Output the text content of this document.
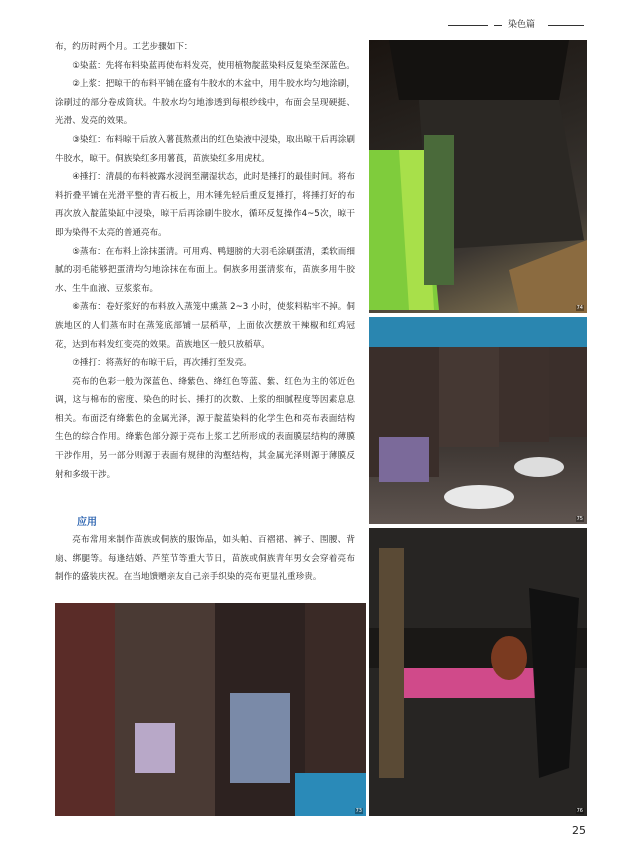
染色篇

布，约历时两个月。工艺步骤如下：

①染蓝：先将布料染蓝再使布料发亮，使用植物靛蓝染料反复染至深蓝色。

②上浆：把晾干的布料平铺在盛有牛胶水的木盆中，用牛胶水均匀地涂刷，涂刷过的部分卷成筒状。牛胶水均匀地渗透到每根纱线中，布面会呈现硬挺、光滑、发亮的效果。

③染红：布料晾干后放入薯莨熬煮出的红色染液中浸染，取出晾干后再涂刷牛胶水，晾干。侗族染红多用薯莨，苗族染红多用虎杖。

④捶打：清晨的布料被露水浸润至潮湿状态，此时是捶打的最佳时间。将布料折叠平铺在光滑平整的青石板上，用木锤先轻后重反复捶打，将捶打好的布再次放入靛蓝染缸中浸染，晾干后再涂刷牛胶水，循环反复操作4~5次，晾干即为染得不太亮的普通亮布。

⑤蒸布：在布料上涂抹蛋清。可用鸡、鸭翅膀的大羽毛涂刷蛋清，柔软而细腻的羽毛能够把蛋清均匀地涂抹在布面上。侗族多用蛋清浆布，苗族多用牛胶水、生牛血液、豆浆浆布。

⑥蒸布：卷好浆好的布料放入蒸笼中熏蒸 2~3 小时，使浆料粘牢不掉。侗族地区的人们蒸布时在蒸笼底部铺一层稻草，上面依次摆放干辣椒和红鸡冠花，达到布料发红变亮的效果。苗族地区一般只放稻草。

⑦捶打：将蒸好的布晾干后，再次捶打至发亮。

亮布的色彩一般为深蓝色、绛紫色、绛红色等蓝、紫、红色为主的邻近色调，这与棉布的密度、染色的时长、捶打的次数、上浆的细腻程度等因素息息相关。布面泛有绛紫色的金属光泽，源于靛蓝染料的化学生色和亮布表面结构生色的综合作用。绛紫色部分源于亮布上浆工艺所形成的表面膜层结构的薄膜干涉作用，另一部分则源于表面有规律的沟壑结构，其金属光泽则源于薄膜反射和多级干涉。

应用

亮布常用来制作苗族或侗族的服饰品，如头帕、百褶裙、裤子、围腰、背扇、绑腿等。每逢结婚、芦笙节等重大节日，苗族或侗族青年男女会穿着亮布制作的盛装庆祝。在当地馈赠亲友自己亲手织染的亮布更显礼重珍贵。

74
75
76
73
25
